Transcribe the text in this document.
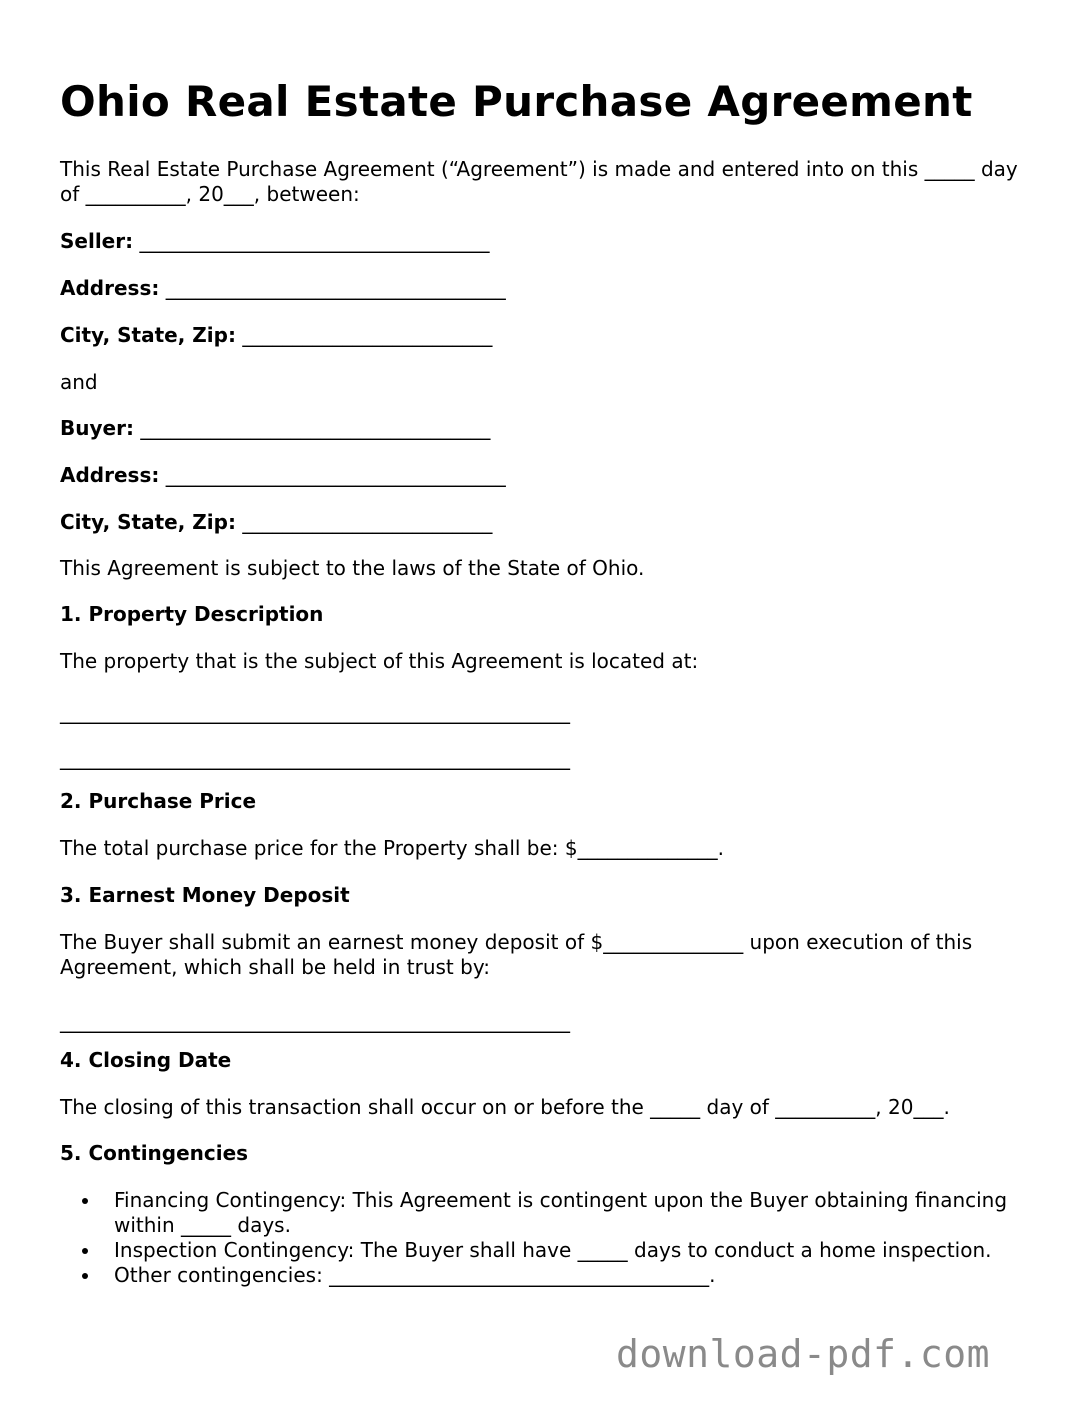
Ohio Real Estate Purchase Agreement
This Real Estate Purchase Agreement (“Agreement”) is made and entered into on this _____ day of __________, 20___, between:
Seller: ___________________________________
Address: __________________________________
City, State, Zip: _________________________
and
Buyer: ___________________________________
Address: __________________________________
City, State, Zip: _________________________
This Agreement is subject to the laws of the State of Ohio.
1. Property Description
The property that is the subject of this Agreement is located at:
___________________________________________________
___________________________________________________
2. Purchase Price
The total purchase price for the Property shall be: $______________.
3. Earnest Money Deposit
The Buyer shall submit an earnest money deposit of $______________ upon execution of this Agreement, which shall be held in trust by:
___________________________________________________
4. Closing Date
The closing of this transaction shall occur on or before the _____ day of __________, 20___.
5. Contingencies
Financing Contingency: This Agreement is contingent upon the Buyer obtaining financing within _____ days.
Inspection Contingency: The Buyer shall have _____ days to conduct a home inspection.
Other contingencies: ______________________________________.
download-pdf.com
